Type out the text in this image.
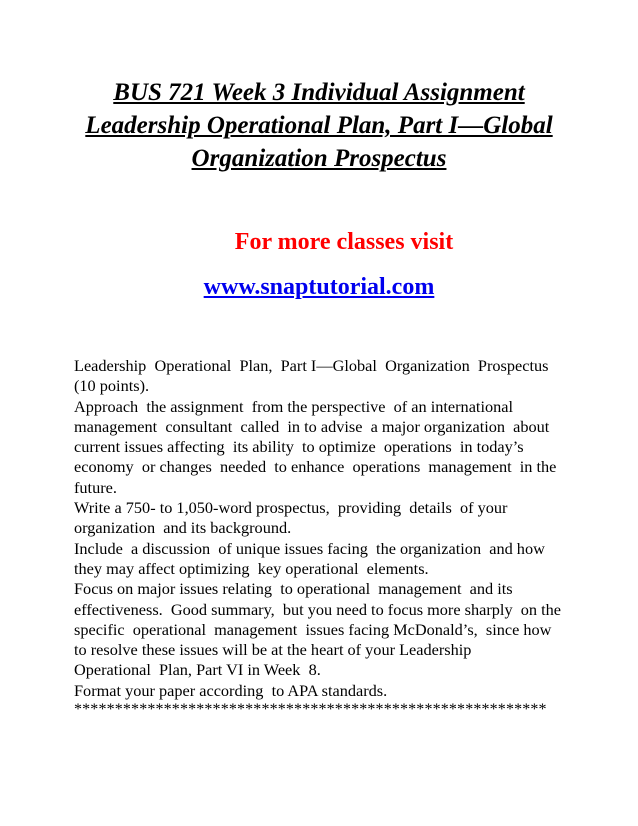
BUS 721 Week 3 Individual Assignment
Leadership Operational Plan, Part I—Global
Organization Prospectus

For more classes visit

www.snaptutorial.com

Leadership  Operational  Plan,  Part I—Global  Organization  Prospectus

(10 points).

Approach  the assignment  from the perspective  of an international

management  consultant  called  in to advise  a major organization  about

current issues affecting  its ability  to optimize  operations  in today’s

economy  or changes  needed  to enhance  operations  management  in the

future.

Write a 750- to 1,050-word prospectus,  providing  details  of your

organization  and its background.

Include  a discussion  of unique issues facing  the organization  and how

they may affect optimizing  key operational  elements.

Focus on major issues relating  to operational  management  and its

effectiveness.  Good summary,  but you need to focus more sharply  on the

specific  operational  management  issues facing McDonald’s,  since how

to resolve these issues will be at the heart of your Leadership

Operational  Plan, Part VI in Week  8.

Format your paper according  to APA standards.

**********************************************************
